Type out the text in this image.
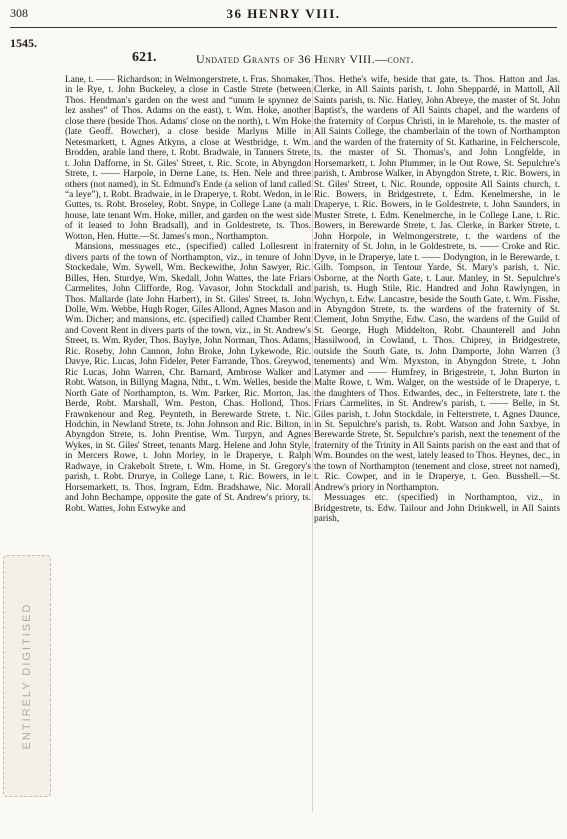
308	36 HENRY VIII.
1545.
621.	Undated Grants of 36 Henry VIII.—cont.

Lane, t. —— Richardson; in Welmongerstrete, t. Fras. Shomaker, in le Rye, t. John Buckeley, a close in Castle Strete (between Thos. Hendman's garden on the west and “unum le spynnez de lez asshes” of Thos. Adams on the east), t. Wm. Hoke, another close there (beside Thos. Adams' close on the north), t. Wm Hoke (late Geoff. Bowcher), a close beside Marlyns Mille in Netesmarkett, t. Agnes Atkyns, a close at Westbridge, t. Wm. Brodden, arable land there, t. Robt. Bradwale, in Tanners Strete, t. John Dafforne, in St. Giles' Street, t. Ric. Scote, in Abyngdon Strete, t. —— Harpole, in Derne Lane, ts. Hen. Nele and three others (not named), in St. Edmund's Ende (a selion of land called “a leye”), t. Robt. Bradwaie, in le Draperye, t. Robt. Wedon, in le Guttes, ts. Robt. Broseley, Robt. Snype, in College Lane (a malt house, late tenant Wm. Hoke, miller, and garden on the west side of it leased to John Bradsall), and in Goldestrete, ts. Thos. Wotton, Hen. Hutte.—St. James's mon., Northampton.

Mansions, messuages etc., (specified) called Lollesrent in divers parts of the town of Northampton, viz., in tenure of John Stockedale, Wm. Sywell, Wm. Beckewithe, John Sawyer, Ric. Billes, Hen. Sturdye, Wm. Skedall, John Wattes, the late Friars Carmelites, John Clifforde, Rog. Vavasor, John Stockdall and Thos. Mallarde (late John Harbert), in St. Giles' Street, ts. John Dolle, Wm. Webbe, Hugh Roger, Giles Allond, Agnes Mason and Wm. Dicher; and mansions, etc. (specified) called Chamber Rent and Covent Rent in divers parts of the town, viz., in St. Andrew's Street, ts. Wm. Ryder, Thos. Baylye, John Norman, Thos. Adams, Ric. Roseby, John Cannon, John Broke, John Lykewode, Ric. Davye, Ric. Lucas, John Fideler, Peter Farrande, Thos. Greywod, Ric Lucas, John Warren, Chr. Barnard, Ambrose Walker and Robt. Watson, in Billyng Magna, Ntht., t. Wm. Welles, beside the North Gate of Northampton, ts. Wm. Parker, Ric. Morton, Jas. Berde, Robt. Marshall, Wm. Peston, Chas. Hollond, Thos. Frawnkenour and Reg. Peynteth, in Berewarde Strete, t. Nic. Hodchin, in Newland Strete, ts. John Johnson and Ric. Bilton, in Abyngdon Strete, ts. John Prentise, Wm. Turpyn, and Agnes Wykes, in St. Giles' Street, tenants Marg. Helene and John Style, in Mercers Rowe, t. John Morley, in le Draperye, t. Ralph Radwaye, in Crakebolt Strete, t. Wm. Home, in St. Gregory's parish, t. Robt. Drurye, in College Lane, t. Ric. Bowers, in le Horsemarkett, ts. Thos. Ingram, Edm. Bradshawe, Nic. Morall and John Bechampe, opposite the gate of St. Andrew's priory, ts. Robt. Wattes, John Estwyke and

Thos. Hethe's wife, beside that gate, ts. Thos. Hatton and Jas. Clerke, in All Saints parish, t. John Sheppardé, in Mattoll, All Saints parish, ts. Nic. Hatley, John Abreye, the master of St. John Baptist's, the wardens of All Saints chapel, and the wardens of the fraternity of Corpus Christi, in le Marehole, ts. the master of All Saints College, the chamberlain of the town of Northampton and the warden of the fraternity of St. Katharine, in Felcherscole, ts. the master of St. Thomas's, and John Longfelde, in Horsemarkett, t. John Plummer, in le Out Rowe, St. Sepulchre's parish, t. Ambrose Walker, in Abyngdon Strete, t. Ric. Bowers, in St. Giles' Street, t. Nic. Rounde, opposite All Saints church, t. Ric. Bowers, in Bridgestrete, t. Edm. Kenelmershe, in le Draperye, t. Ric. Bowers, in le Goldestrete, t. John Saunders, in Muster Strete, t. Edm. Kenelmerche, in le College Lane, t. Ric. Bowers, in Berewarde Strete, t. Jas. Clerke, in Barker Strete, t. John Horpole, in Welmongerstrete, t. the wardens of the fraternity of St. John, in le Goldestrete, ts. —— Croke and Ric. Dyve, in le Draperye, late t. —— Dodyngton, in le Berewarde, t. Gilb. Tompson, in Tentour Yarde, St. Mary's parish, t. Nic. Osborne, at the North Gate, t. Laur. Manley, in St. Sepulchre's parish, ts. Hugh Stile, Ric. Handred and John Rawlyngen, in Wychyn, t. Edw. Lancastre, beside the South Gate, t. Wm. Fisshe, in Abyngdon Strete, ts. the wardens of the fraternity of St. Clement, John Smythe, Edw. Caso, the wardens of the Guild of St. George, Hugh Middelton, Robt. Chaunterell and John Hassilwood, in Cowland, t. Thos. Chiprey, in Bridgestrete, outside the South Gate, ts. John Damporte, John Warren (3 tenements) and Wm. Myxston, in Abyngdon Strete, t. John Latymer and —— Humfrey, in Brigestrete, t. John Burton in Malte Rowe, t. Wm. Walger, on the westside of le Draperye, t. the daughters of Thos. Edwardes, dec., in Felterstrete, late t. the Friars Carmelites, in St. Andrew's parish, t. —— Belle, in St. Giles parish, t. John Stockdale, in Felterstrete, t. Agnes Daunce, in St. Sepulchre's parish, ts. Robt. Watson and John Saxbye, in Berewarde Strete, St. Sepulchre's parish, next the tenement of the fraternity of the Trinity in All Saints parish on the east and that of Wm. Boundes on the west, lately leased to Thos. Heynes, dec., in the town of Northampton (tenement and close, street not named), t. Ric. Cowper, and in le Draperye, t. Geo. Busshell.—St. Andrew's priory in Northampton.

Messuages etc. (specified) in Northampton, viz., in Bridgestrete, ts. Edw. Tailour and John Drinkwell, in All Saints parish,

ENTIRELY DIGITISED
